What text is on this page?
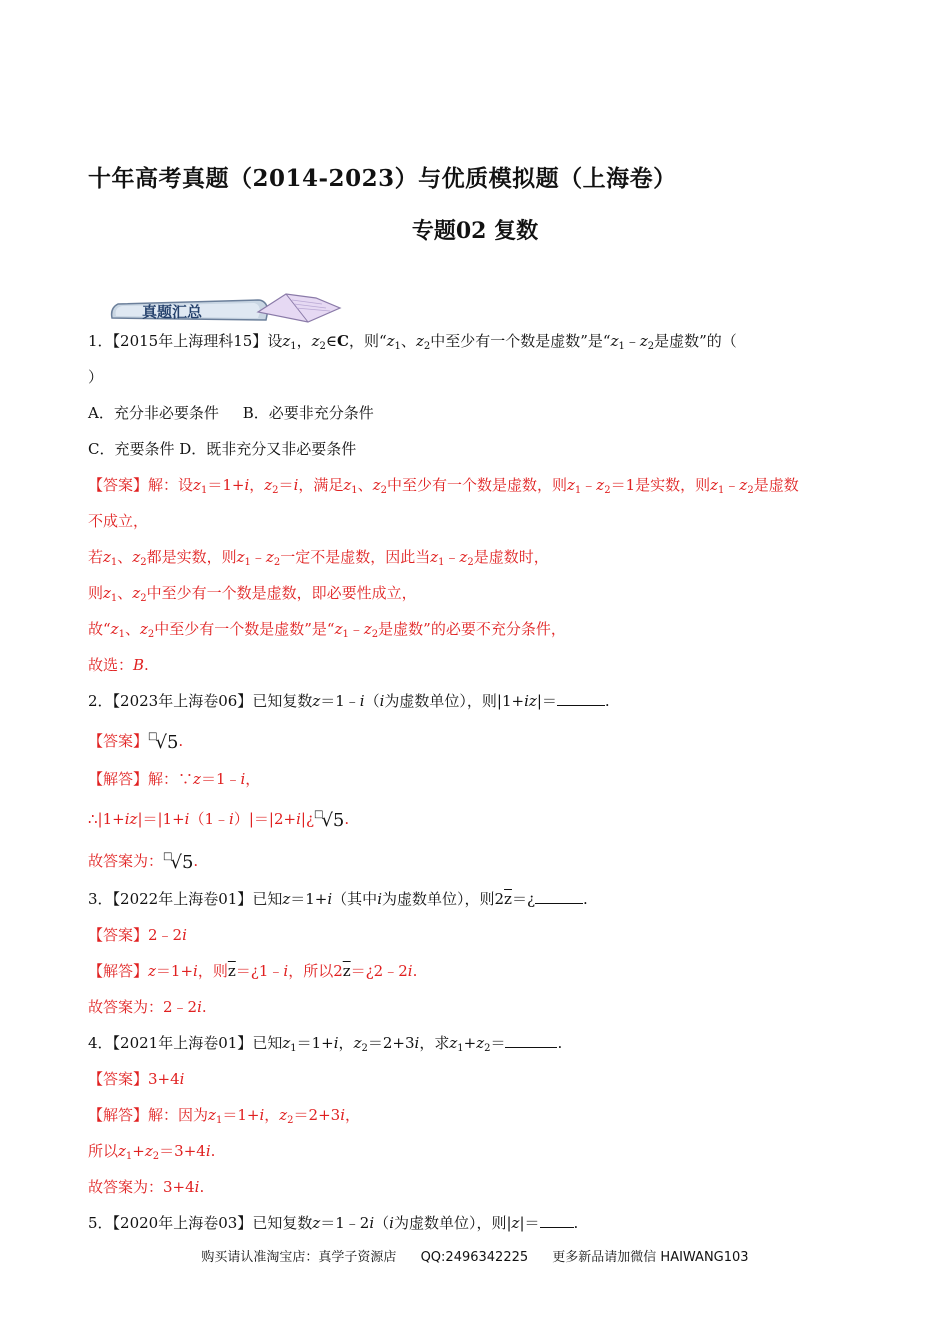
十年高考真题（2014-2023）与优质模拟题（上海卷）
专题02 复数
真题汇总
1．【2015年上海理科15】设$z_1$，$z_2\in C$，则“$z_1$、$z_2$中至少有一个数是虚数”是“$z_1﹣z_2$是虚数”的（
）
A．充分非必要条件 B．必要非充分条件
C．充要条件 D．既非充分又非必要条件
【答案】解：设$z_1=1+i$，$z_2=i$，满足$z_1$、$z_2$中至少有一个数是虚数，则$z_1﹣z_2=1$是实数，则$z_1﹣z_2$是虚数
不成立，
若$z_1$、$z_2$都是实数，则$z_1﹣z_2$一定不是虚数，因此当$z_1﹣z_2$是虚数时，
则$z_1$、$z_2$中至少有一个数是虚数，即必要性成立，
故“$z_1$、$z_2$中至少有一个数是虚数”是“$z_1﹣z_2$是虚数”的必要不充分条件，
故选：B.
2．【2023年上海卷06】已知复数z＝1﹣i（i为虚数单位），则|1+iz|＝	.
【答案】□√5.
【解答】解：∵z＝1﹣i，
∴|1+iz|＝|1+i（1﹣i）|＝|2+i|¿□√5.
故答案为：□√5.
3．【2022年上海卷01】已知z＝1+i（其中i为虚数单位），则$2\overline{z}=¿$	.
【答案】2﹣2i
【解答】z＝1+i，则$\overline{z}=¿1﹣i$，所以$2\overline{z}=¿2﹣2i$.
故答案为：2﹣2i.
4．【2021年上海卷01】已知$z_1=1+i$，$z_2=2+3i$，求$z_1+z_2=$	.
【答案】3+4i
【解答】解：因为$z_1=1+i$，$z_2=2+3i$，
所以$z_1+z_2=3+4i$.
故答案为：3+4i.
5．【2020年上海卷03】已知复数z＝1﹣2i（i为虚数单位），则|z|＝ .
购买请认准淘宝店：真学子资源店 QQ:2496342225 更多新品请加微信 HAIWANG103
